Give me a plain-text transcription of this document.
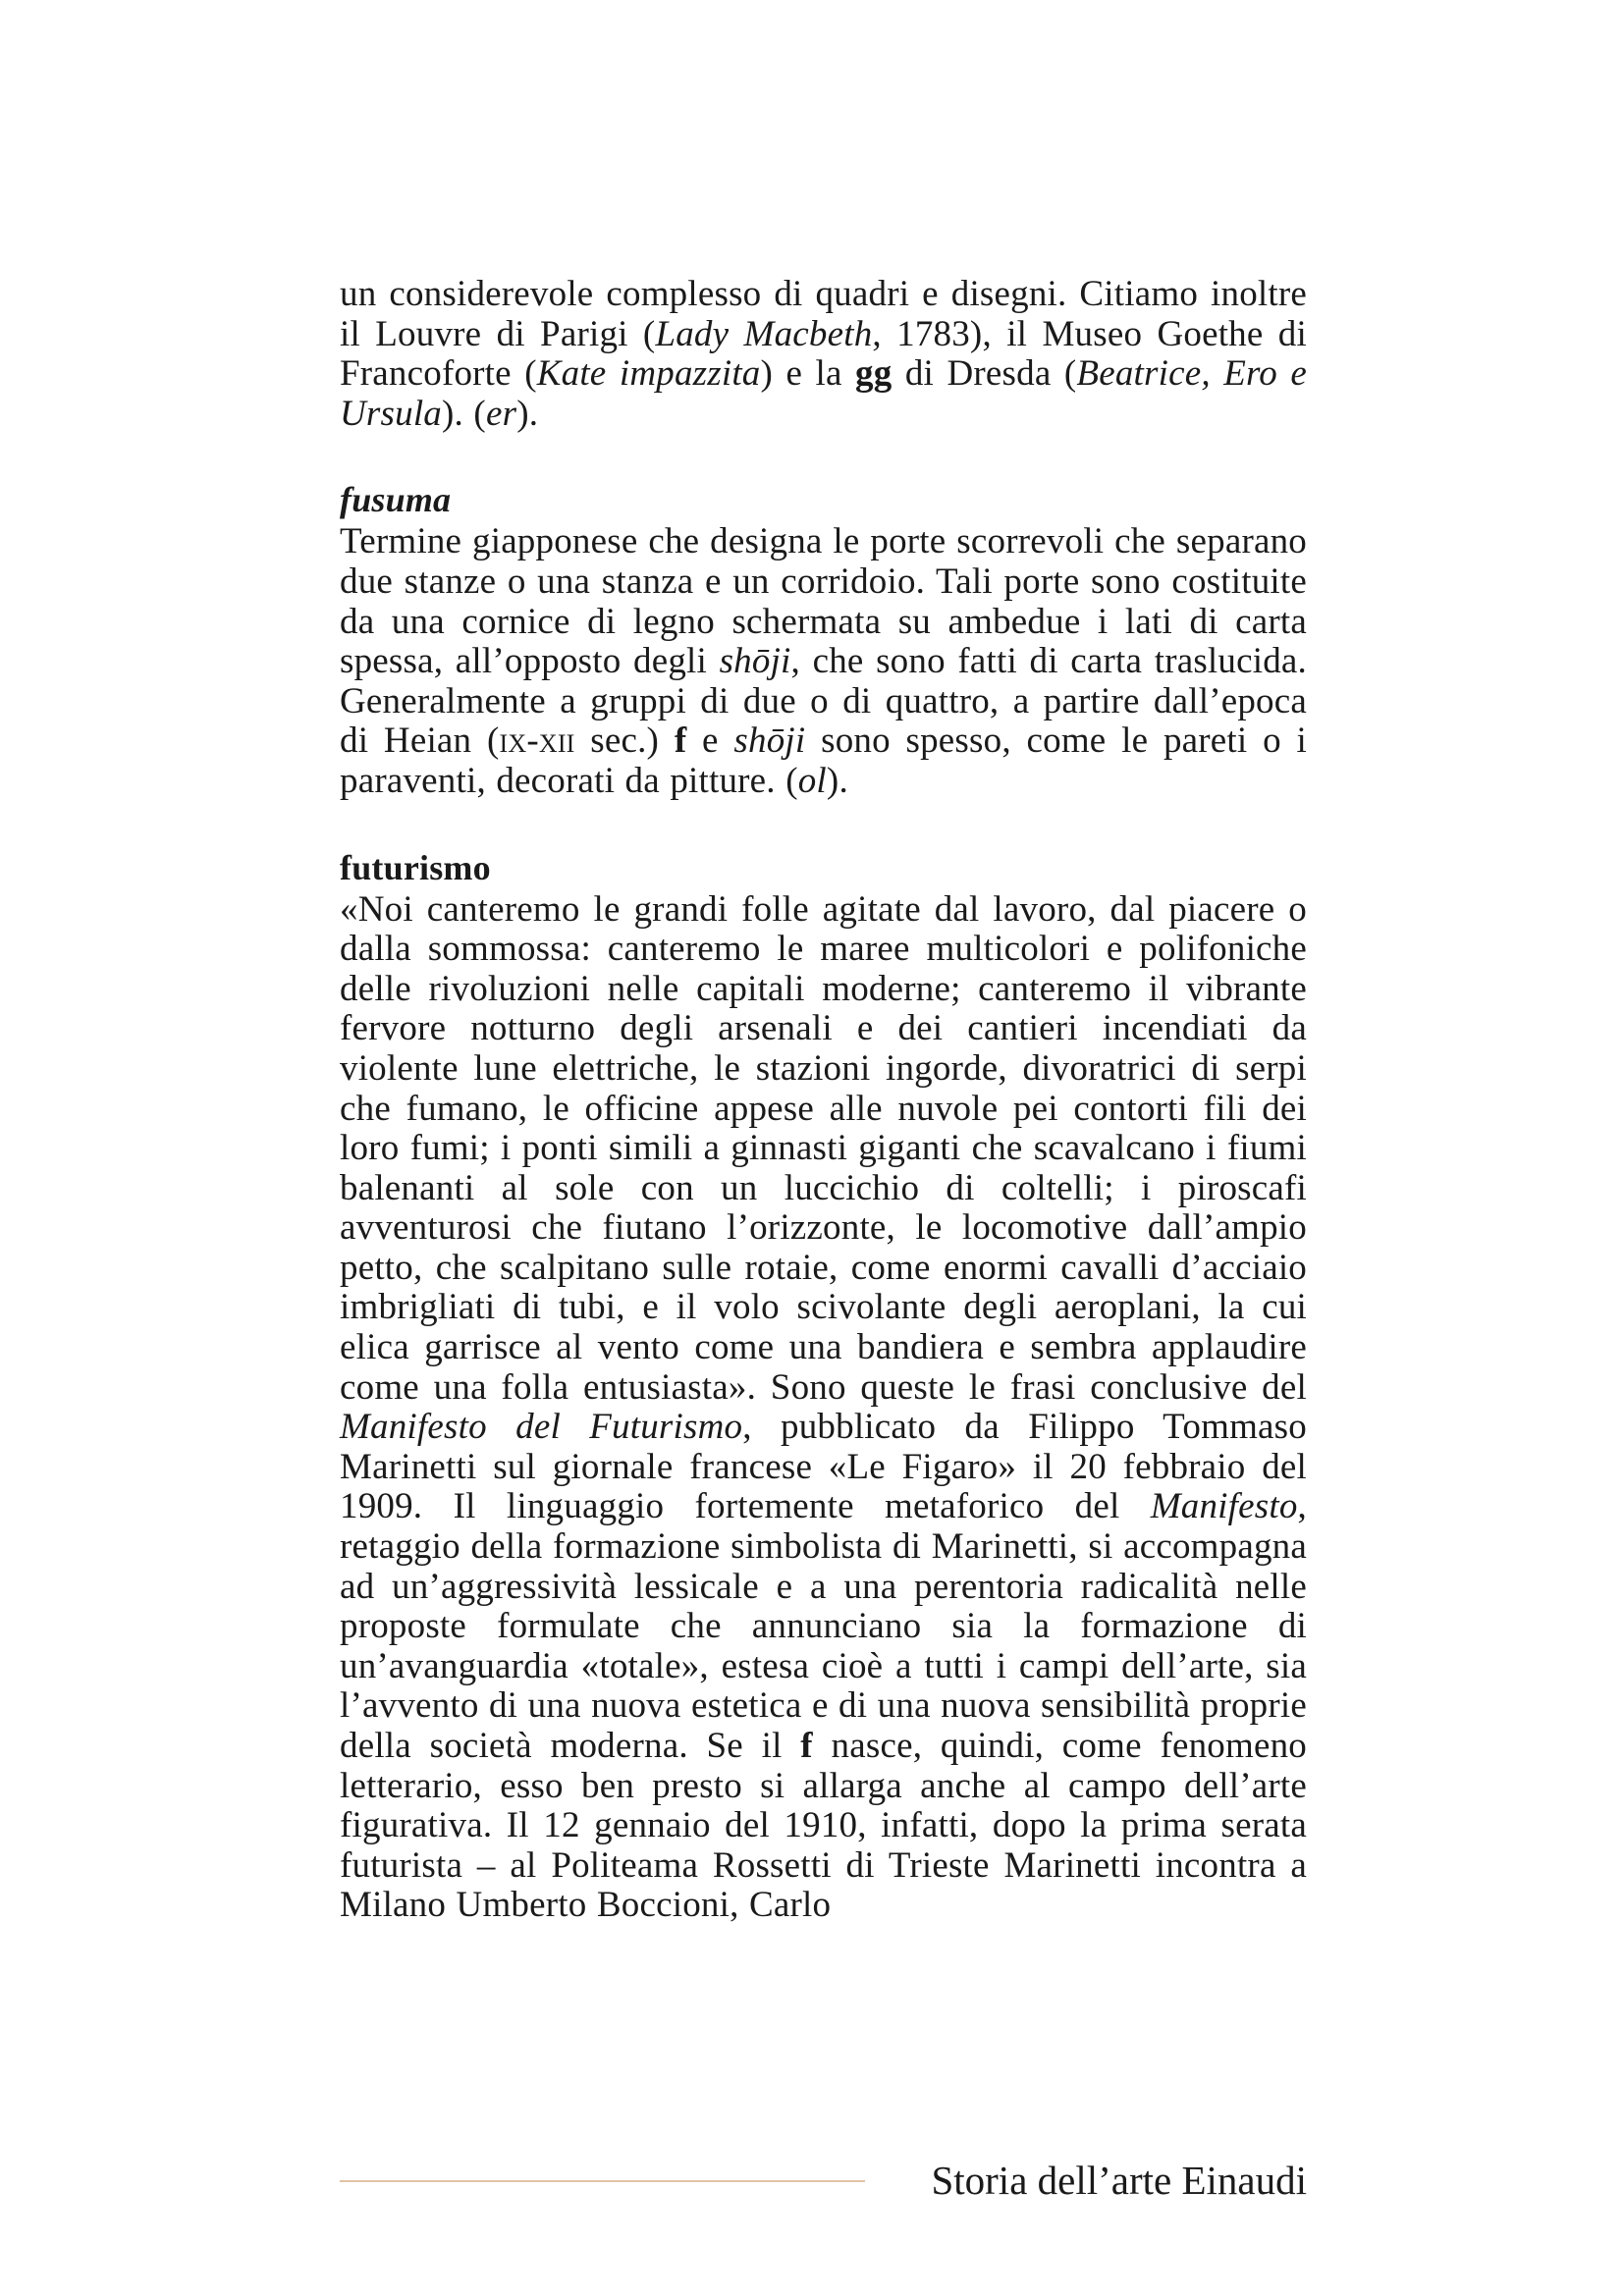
un considerevole complesso di quadri e disegni. Citiamo inoltre il Louvre di Parigi (Lady Macbeth, 1783), il Museo Goethe di Francoforte (Kate impazzita) e la gg di Dresda (Beatrice, Ero e Ursula). (er).

fusuma

Termine giapponese che designa le porte scorrevoli che separano due stanze o una stanza e un corridoio. Tali porte sono costituite da una cornice di legno schermata su ambedue i lati di carta spessa, all’opposto degli shōji, che sono fatti di carta traslucida. Generalmente a gruppi di due o di quattro, a partire dall’epoca di Heian (ix-xii sec.) f e shōji sono spesso, come le pareti o i paraventi, decorati da pitture. (ol).

futurismo

«Noi canteremo le grandi folle agitate dal lavoro, dal piacere o dalla sommossa: canteremo le maree multicolori e polifoniche delle rivoluzioni nelle capitali moderne; canteremo il vibrante fervore notturno degli arsenali e dei cantieri incendiati da violente lune elettriche, le stazioni ingorde, divoratrici di serpi che fumano, le officine appese alle nuvole pei contorti fili dei loro fumi; i ponti simili a ginnasti giganti che scavalcano i fiumi balenanti al sole con un luccichio di coltelli; i piroscafi avventurosi che fiutano l’orizzonte, le locomotive dall’ampio petto, che scalpitano sulle rotaie, come enormi cavalli d’acciaio imbrigliati di tubi, e il volo scivolante degli aeroplani, la cui elica garrisce al vento come una bandiera e sembra applaudire come una folla entusiasta». Sono queste le frasi conclusive del Manifesto del Futurismo, pubblicato da Filippo Tommaso Marinetti sul giornale francese «Le Figaro» il 20 febbraio del 1909. Il linguaggio fortemente metaforico del Manifesto, retaggio della formazione simbolista di Marinetti, si accompagna ad un’aggressività lessicale e a una perentoria radicalità nelle proposte formulate che annunciano sia la formazione di un’avanguardia «totale», estesa cioè a tutti i campi dell’arte, sia l’avvento di una nuova estetica e di una nuova sensibilità proprie della società moderna. Se il f nasce, quindi, come fenomeno letterario, esso ben presto si allarga anche al campo dell’arte figurativa. Il 12 gennaio del 1910, infatti, dopo la prima serata futurista – al Politeama Rossetti di Trieste Marinetti incontra a Milano Umberto Boccioni, Carlo

Storia dell’arte Einaudi
